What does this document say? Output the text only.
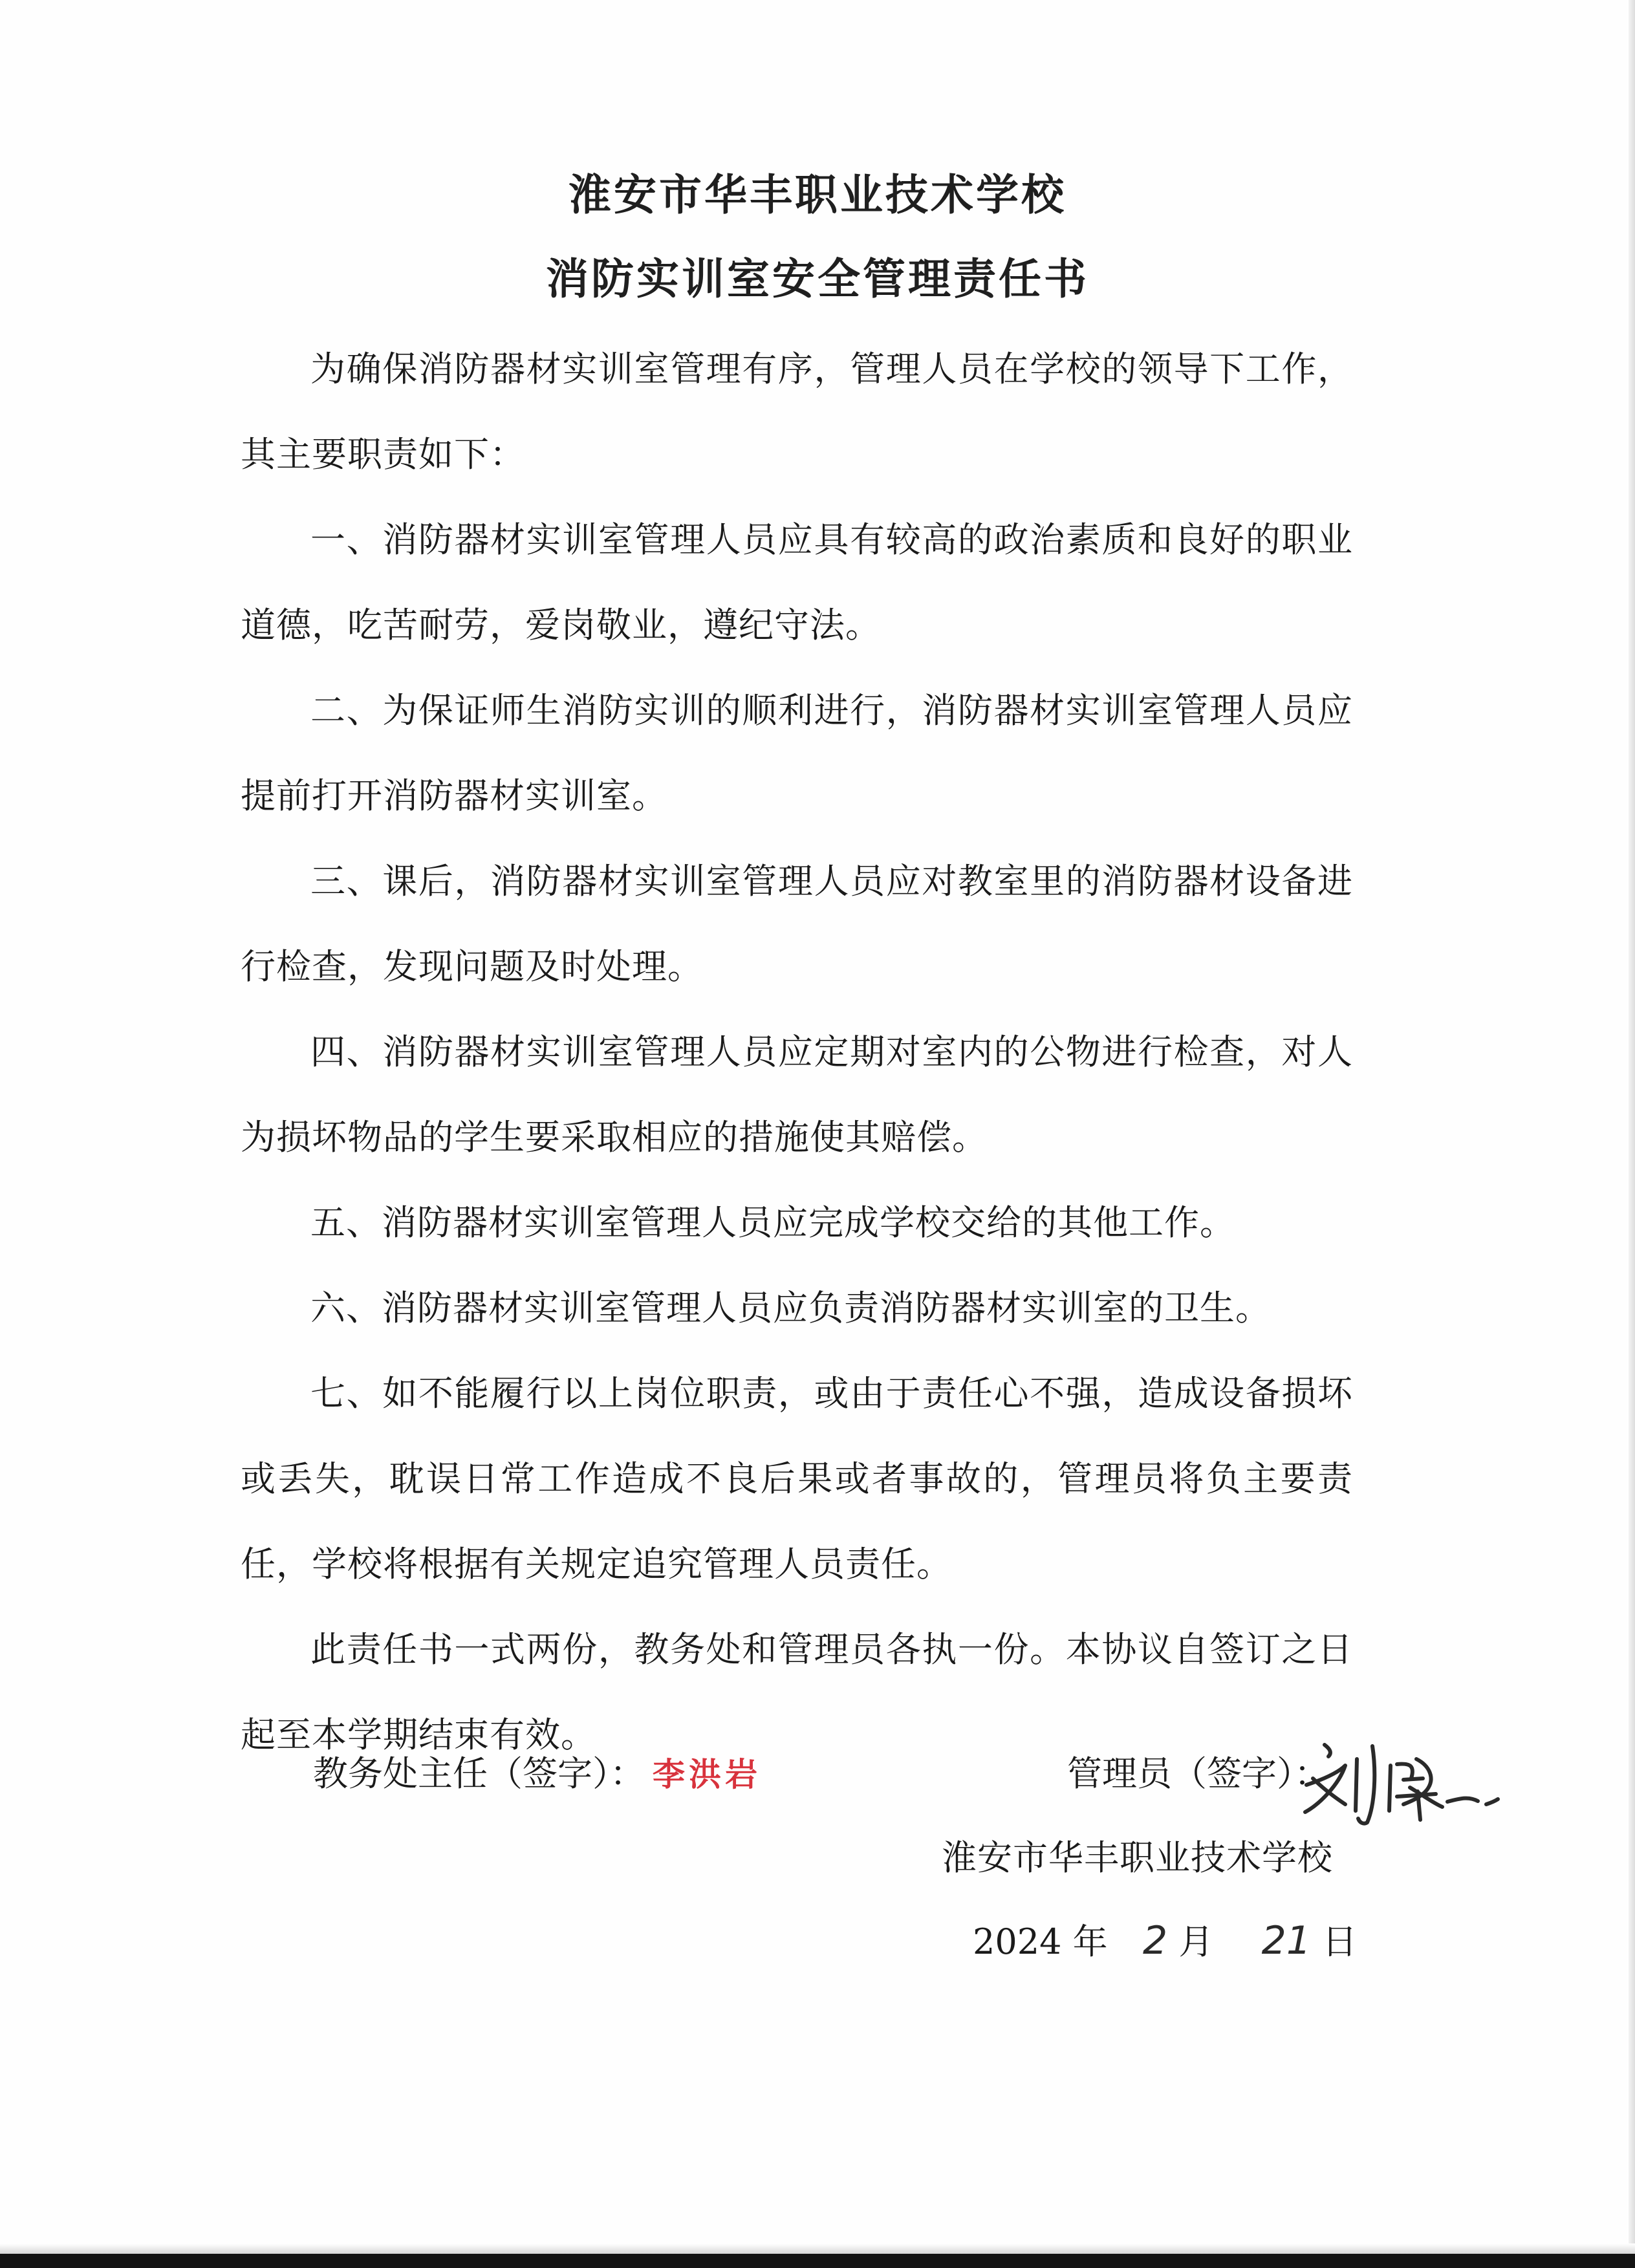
淮安市华丰职业技术学校
消防实训室安全管理责任书

为确保消防器材实训室管理有序，管理人员在学校的领导下工作，其主要职责如下：

一、消防器材实训室管理人员应具有较高的政治素质和良好的职业道德，吃苦耐劳，爱岗敬业，遵纪守法。

二、为保证师生消防实训的顺利进行，消防器材实训室管理人员应提前打开消防器材实训室。

三、课后，消防器材实训室管理人员应对教室里的消防器材设备进行检查，发现问题及时处理。

四、消防器材实训室管理人员应定期对室内的公物进行检查，对人为损坏物品的学生要采取相应的措施使其赔偿。

五、消防器材实训室管理人员应完成学校交给的其他工作。

六、消防器材实训室管理人员应负责消防器材实训室的卫生。

七、如不能履行以上岗位职责，或由于责任心不强，造成设备损坏或丢失，耽误日常工作造成不良后果或者事故的，管理员将负主要责任，学校将根据有关规定追究管理人员责任。

此责任书一式两份，教务处和管理员各执一份。本协议自签订之日起至本学期结束有效。

教务处主任（签字）： 李洪岩	管理员（签字）：
淮安市华丰职业技术学校
2024 年 2 月 21 日
